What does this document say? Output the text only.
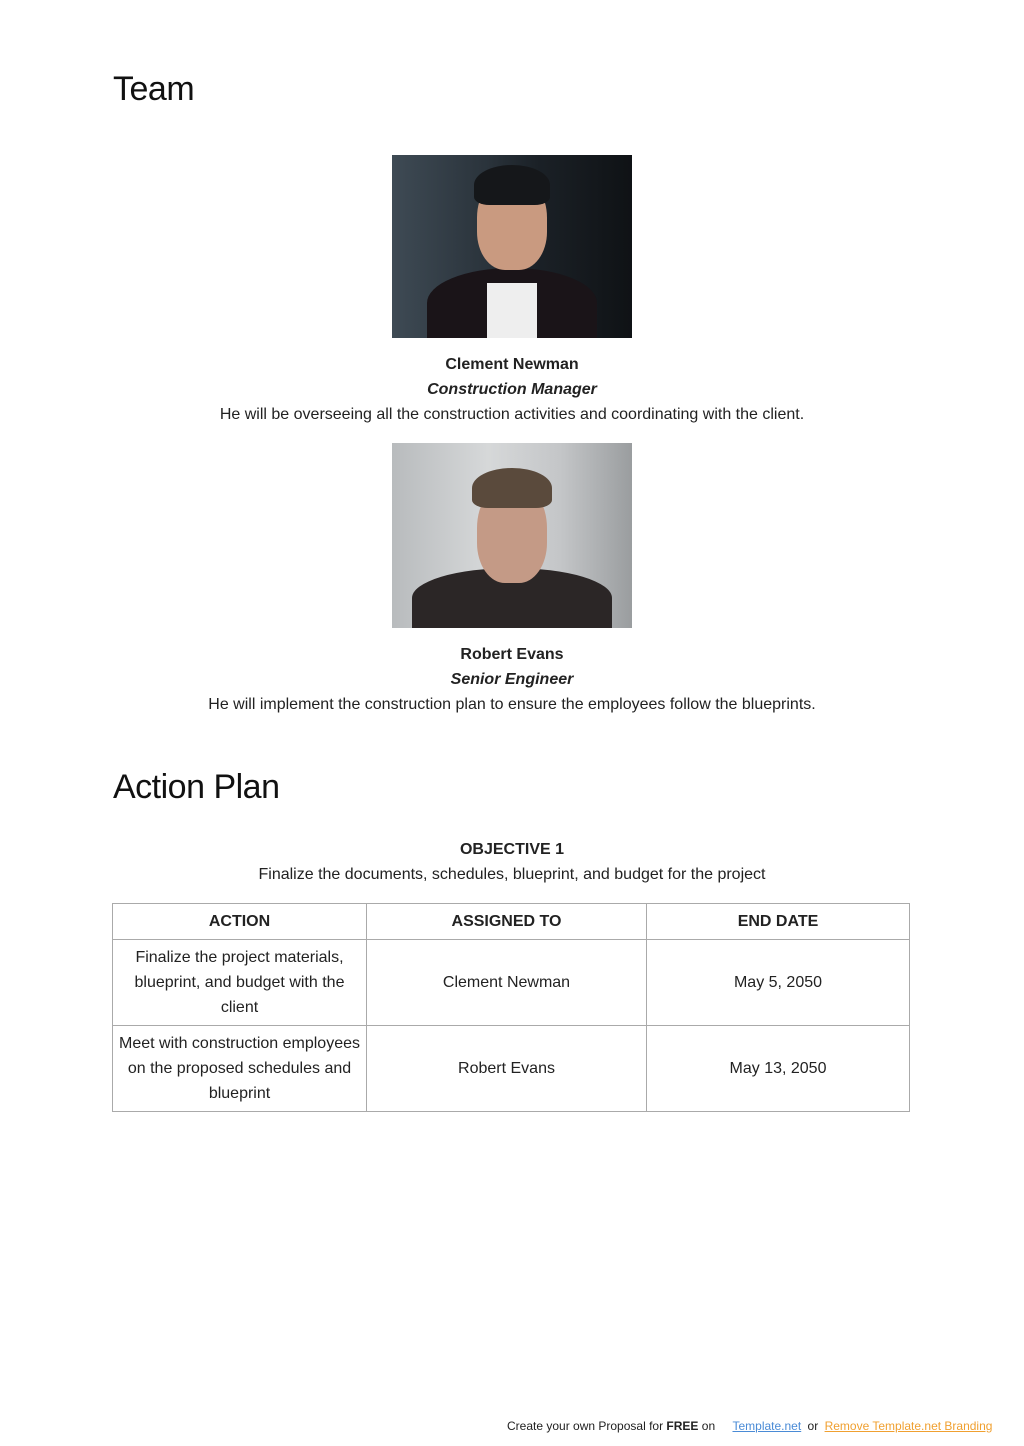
Team
Clement Newman
Construction Manager
He will be overseeing all the construction activities and coordinating with the client.
Robert Evans
Senior Engineer
He will implement the construction plan to ensure the employees follow the blueprints.
Action Plan
OBJECTIVE 1
Finalize the documents, schedules, blueprint, and budget for the project
ACTION	ASSIGNED TO	END DATE
Finalize the project materials, blueprint, and budget with the client	Clement Newman	May 5, 2050
Meet with construction employees on the proposed schedules and blueprint	Robert Evans	May 13, 2050
Create your own Proposal for FREE on Template.net or Remove Template.net Branding
